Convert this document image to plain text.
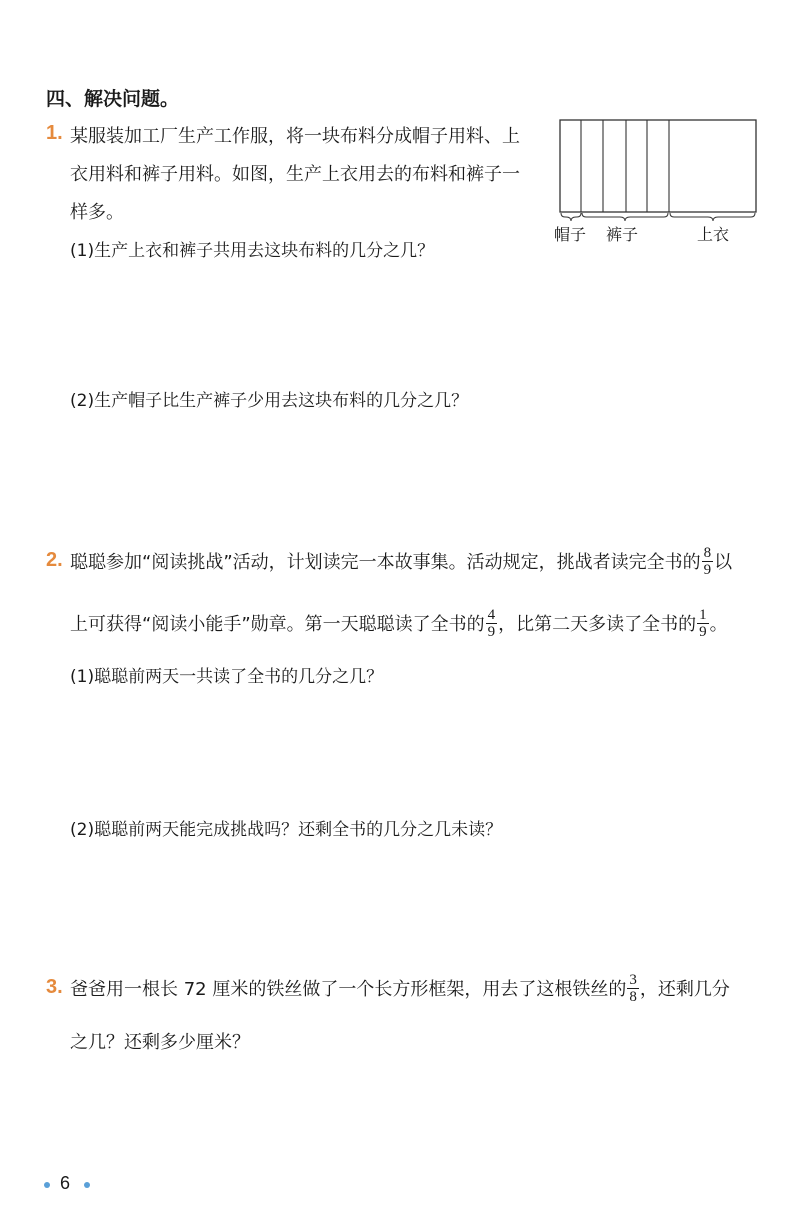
四、解决问题。
1. 某服装加工厂生产工作服，将一块布料分成帽子用料、上
衣用料和裤子用料。如图，生产上衣用去的布料和裤子一
样多。
(1)生产上衣和裤子共用去这块布料的几分之几？
(2)生产帽子比生产裤子少用去这块布料的几分之几？
帽子 裤子	上衣
2. 聪聪参加“阅读挑战”活动，计划读完一本故事集。活动规定，挑战者读完全书的 $\frac{8}{9}$ 以
上可获得“阅读小能手”勋章。第一天聪聪读了全书的 $\frac{4}{9}$ ，比第二天多读了全书的 $\frac{1}{9}$ 。
(1)聪聪前两天一共读了全书的几分之几？
(2)聪聪前两天能完成挑战吗？还剩全书的几分之几未读？
3. 爸爸用一根长 72 厘米的铁丝做了一个长方形框架，用去了这根铁丝的 $\frac{3}{8}$ ，还剩几分
之几？还剩多少厘米？
6
